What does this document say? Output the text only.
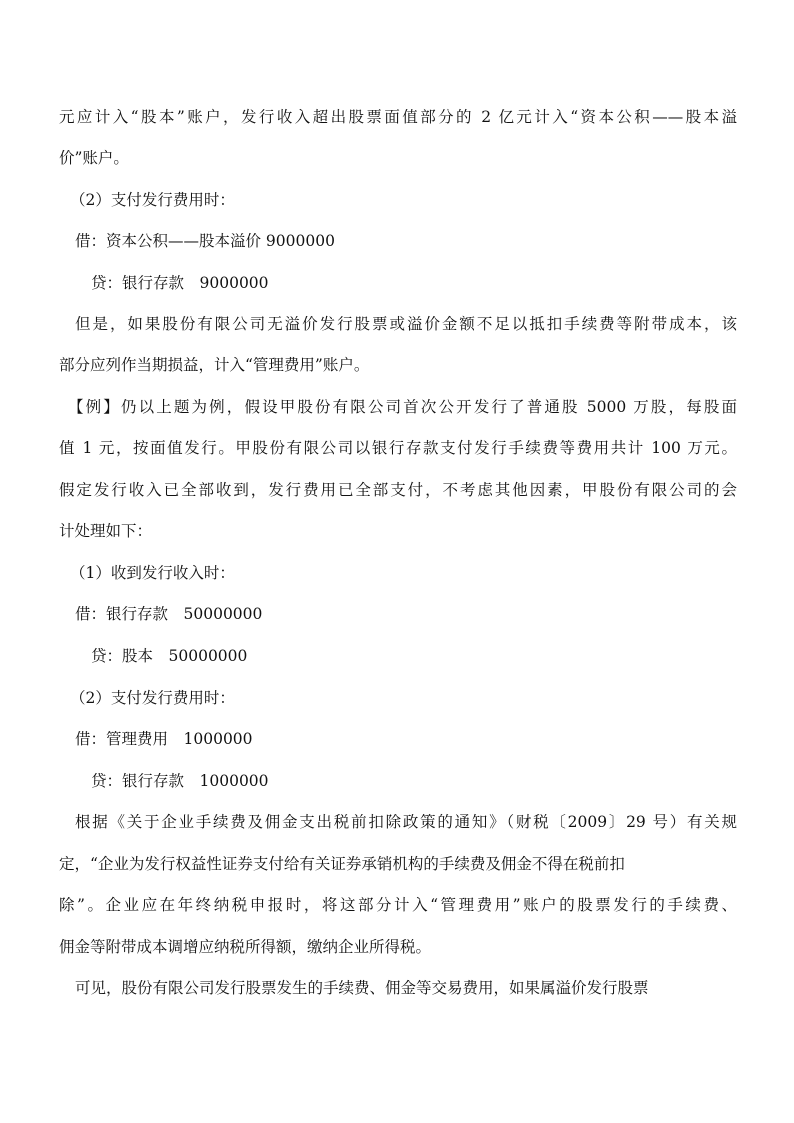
元应计入“股本”账户，发行收入超出股票面值部分的 2 亿元计入“资本公积——股本溢
价”账户。
（2）支付发行费用时：
借：资本公积——股本溢价 9000000
贷：银行存款　9000000
但是，如果股份有限公司无溢价发行股票或溢价金额不足以抵扣手续费等附带成本，该
部分应列作当期损益，计入“管理费用”账户。
【例】仍以上题为例，假设甲股份有限公司首次公开发行了普通股 5000 万股，每股面
值 1 元，按面值发行。甲股份有限公司以银行存款支付发行手续费等费用共计 100 万元。
假定发行收入已全部收到，发行费用已全部支付，不考虑其他因素，甲股份有限公司的会
计处理如下：
（1）收到发行收入时：
借：银行存款　50000000
贷：股本　50000000
（2）支付发行费用时：
借：管理费用　1000000
贷：银行存款　1000000
根据《关于企业手续费及佣金支出税前扣除政策的通知》（财税〔2009〕29 号）有关规
定，“企业为发行权益性证券支付给有关证券承销机构的手续费及佣金不得在税前扣
除”。企业应在年终纳税申报时，将这部分计入“管理费用”账户的股票发行的手续费、
佣金等附带成本调增应纳税所得额，缴纳企业所得税。
可见，股份有限公司发行股票发生的手续费、佣金等交易费用，如果属溢价发行股票
